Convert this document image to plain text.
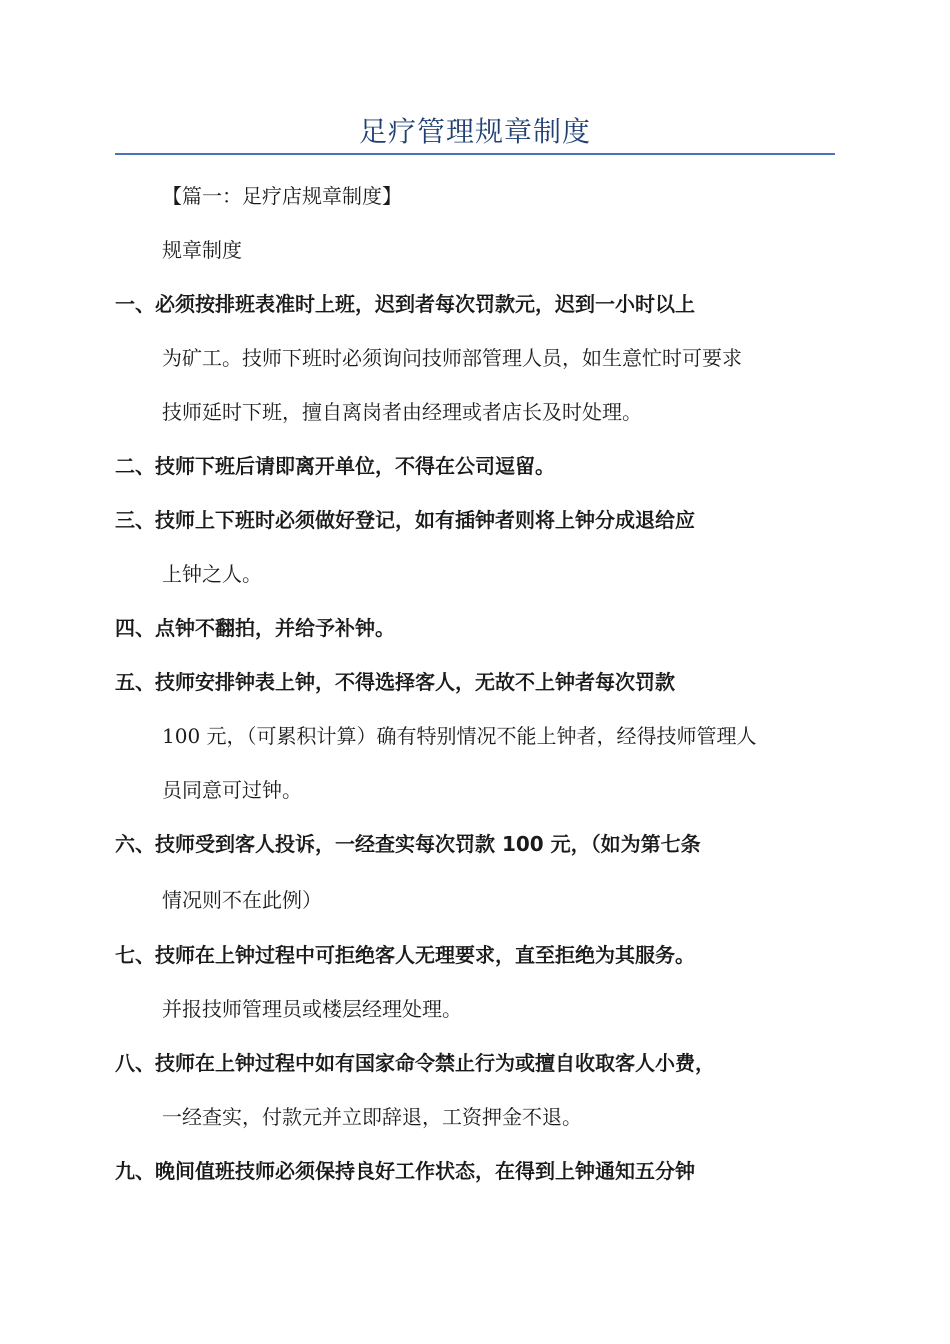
足疗管理规章制度
【篇一：足疗店规章制度】
规章制度
一、必须按排班表准时上班，迟到者每次罚款元，迟到一小时以上
为矿工。技师下班时必须询问技师部管理人员，如生意忙时可要求
技师延时下班，擅自离岗者由经理或者店长及时处理。
二、技师下班后请即离开单位，不得在公司逗留。
三、技师上下班时必须做好登记，如有插钟者则将上钟分成退给应
上钟之人。
四、点钟不翻拍，并给予补钟。
五、技师安排钟表上钟，不得选择客人，无故不上钟者每次罚款
100 元，（可累积计算）确有特别情况不能上钟者，经得技师管理人
员同意可过钟。
六、技师受到客人投诉，一经查实每次罚款 100 元，（如为第七条
情况则不在此例）
七、技师在上钟过程中可拒绝客人无理要求，直至拒绝为其服务。
并报技师管理员或楼层经理处理。
八、技师在上钟过程中如有国家命令禁止行为或擅自收取客人小费，
一经查实，付款元并立即辞退，工资押金不退。
九、晚间值班技师必须保持良好工作状态，在得到上钟通知五分钟
